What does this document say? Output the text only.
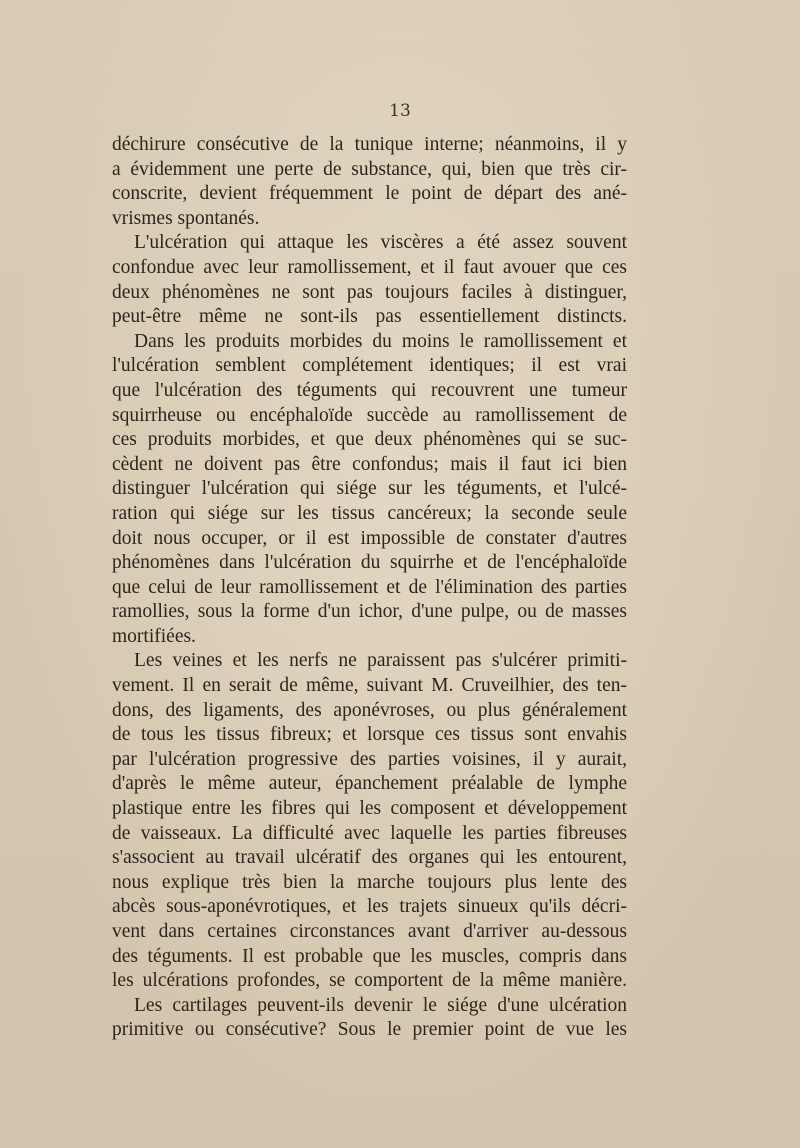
13
déchirure consécutive de la tunique interne; néanmoins, il y
a évidemment une perte de substance, qui, bien que très cir-
conscrite, devient fréquemment le point de départ des ané-
vrismes spontanés.
L'ulcération qui attaque les viscères a été assez souvent
confondue avec leur ramollissement, et il faut avouer que ces
deux phénomènes ne sont pas toujours faciles à distinguer,
peut-être même ne sont-ils pas essentiellement distincts.
Dans les produits morbides du moins le ramollissement et
l'ulcération semblent complétement identiques; il est vrai
que l'ulcération des téguments qui recouvrent une tumeur
squirrheuse ou encéphaloïde succède au ramollissement de
ces produits morbides, et que deux phénomènes qui se suc-
cèdent ne doivent pas être confondus; mais il faut ici bien
distinguer l'ulcération qui siége sur les téguments, et l'ulcé-
ration qui siége sur les tissus cancéreux; la seconde seule
doit nous occuper, or il est impossible de constater d'autres
phénomènes dans l'ulcération du squirrhe et de l'encéphaloïde
que celui de leur ramollissement et de l'élimination des parties
ramollies, sous la forme d'un ichor, d'une pulpe, ou de masses
mortifiées.
Les veines et les nerfs ne paraissent pas s'ulcérer primiti-
vement. Il en serait de même, suivant M. Cruveilhier, des ten-
dons, des ligaments, des aponévroses, ou plus généralement
de tous les tissus fibreux; et lorsque ces tissus sont envahis
par l'ulcération progressive des parties voisines, il y aurait,
d'après le même auteur, épanchement préalable de lymphe
plastique entre les fibres qui les composent et développement
de vaisseaux. La difficulté avec laquelle les parties fibreuses
s'associent au travail ulcératif des organes qui les entourent,
nous explique très bien la marche toujours plus lente des
abcès sous-aponévrotiques, et les trajets sinueux qu'ils décri-
vent dans certaines circonstances avant d'arriver au-dessous
des téguments. Il est probable que les muscles, compris dans
les ulcérations profondes, se comportent de la même manière.
Les cartilages peuvent-ils devenir le siége d'une ulcération
primitive ou consécutive? Sous le premier point de vue les
